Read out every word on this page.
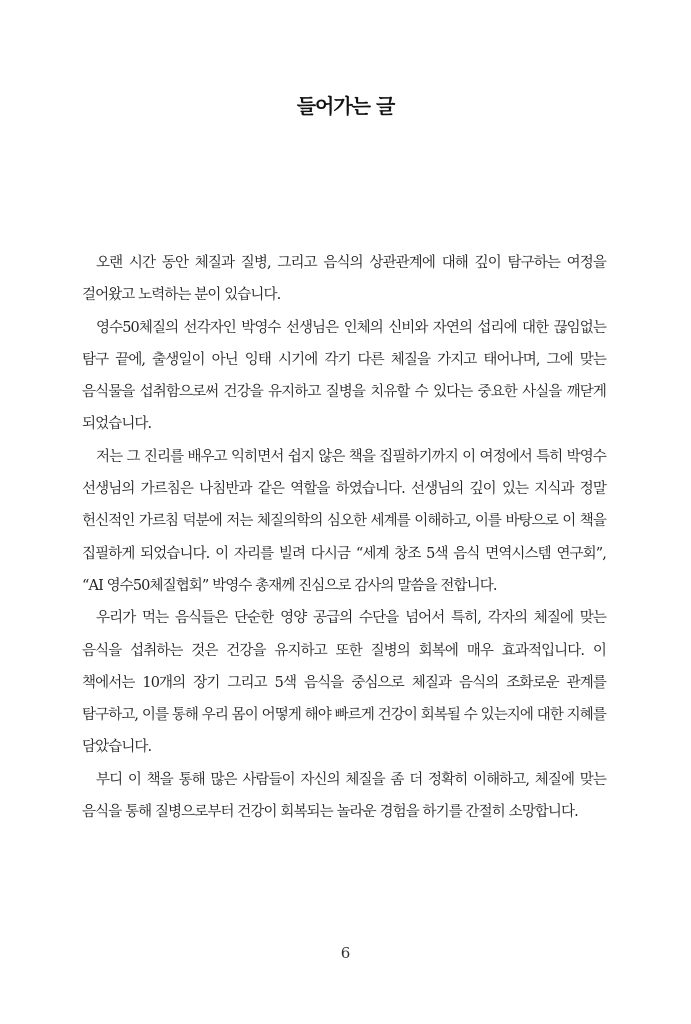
들어가는 글

오랜 시간 동안 체질과 질병, 그리고 음식의 상관관계에 대해 깊이 탐구하는 여정을 걸어왔고 노력하는 분이 있습니다.

영수50체질의 선각자인 박영수 선생님은 인체의 신비와 자연의 섭리에 대한 끊임없는 탐구 끝에, 출생일이 아닌 잉태 시기에 각기 다른 체질을 가지고 태어나며, 그에 맞는 음식물을 섭취함으로써 건강을 유지하고 질병을 치유할 수 있다는 중요한 사실을 깨닫게 되었습니다.

저는 그 진리를 배우고 익히면서 쉽지 않은 책을 집필하기까지 이 여정에서 특히 박영수 선생님의 가르침은 나침반과 같은 역할을 하였습니다. 선생님의 깊이 있는 지식과 정말 헌신적인 가르침 덕분에 저는 체질의학의 심오한 세계를 이해하고, 이를 바탕으로 이 책을 집필하게 되었습니다. 이 자리를 빌려 다시금 “세계 창조 5색 음식 면역시스템 연구회”, “AI 영수50체질협회” 박영수 총재께 진심으로 감사의 말씀을 전합니다.

우리가 먹는 음식들은 단순한 영양 공급의 수단을 넘어서 특히, 각자의 체질에 맞는 음식을 섭취하는 것은 건강을 유지하고 또한 질병의 회복에 매우 효과적입니다. 이 책에서는 10개의 장기 그리고 5색 음식을 중심으로 체질과 음식의 조화로운 관계를 탐구하고, 이를 통해 우리 몸이 어떻게 해야 빠르게 건강이 회복될 수 있는지에 대한 지혜를 담았습니다.

부디 이 책을 통해 많은 사람들이 자신의 체질을 좀 더 정확히 이해하고, 체질에 맞는 음식을 통해 질병으로부터 건강이 회복되는 놀라운 경험을 하기를 간절히 소망합니다.

6
